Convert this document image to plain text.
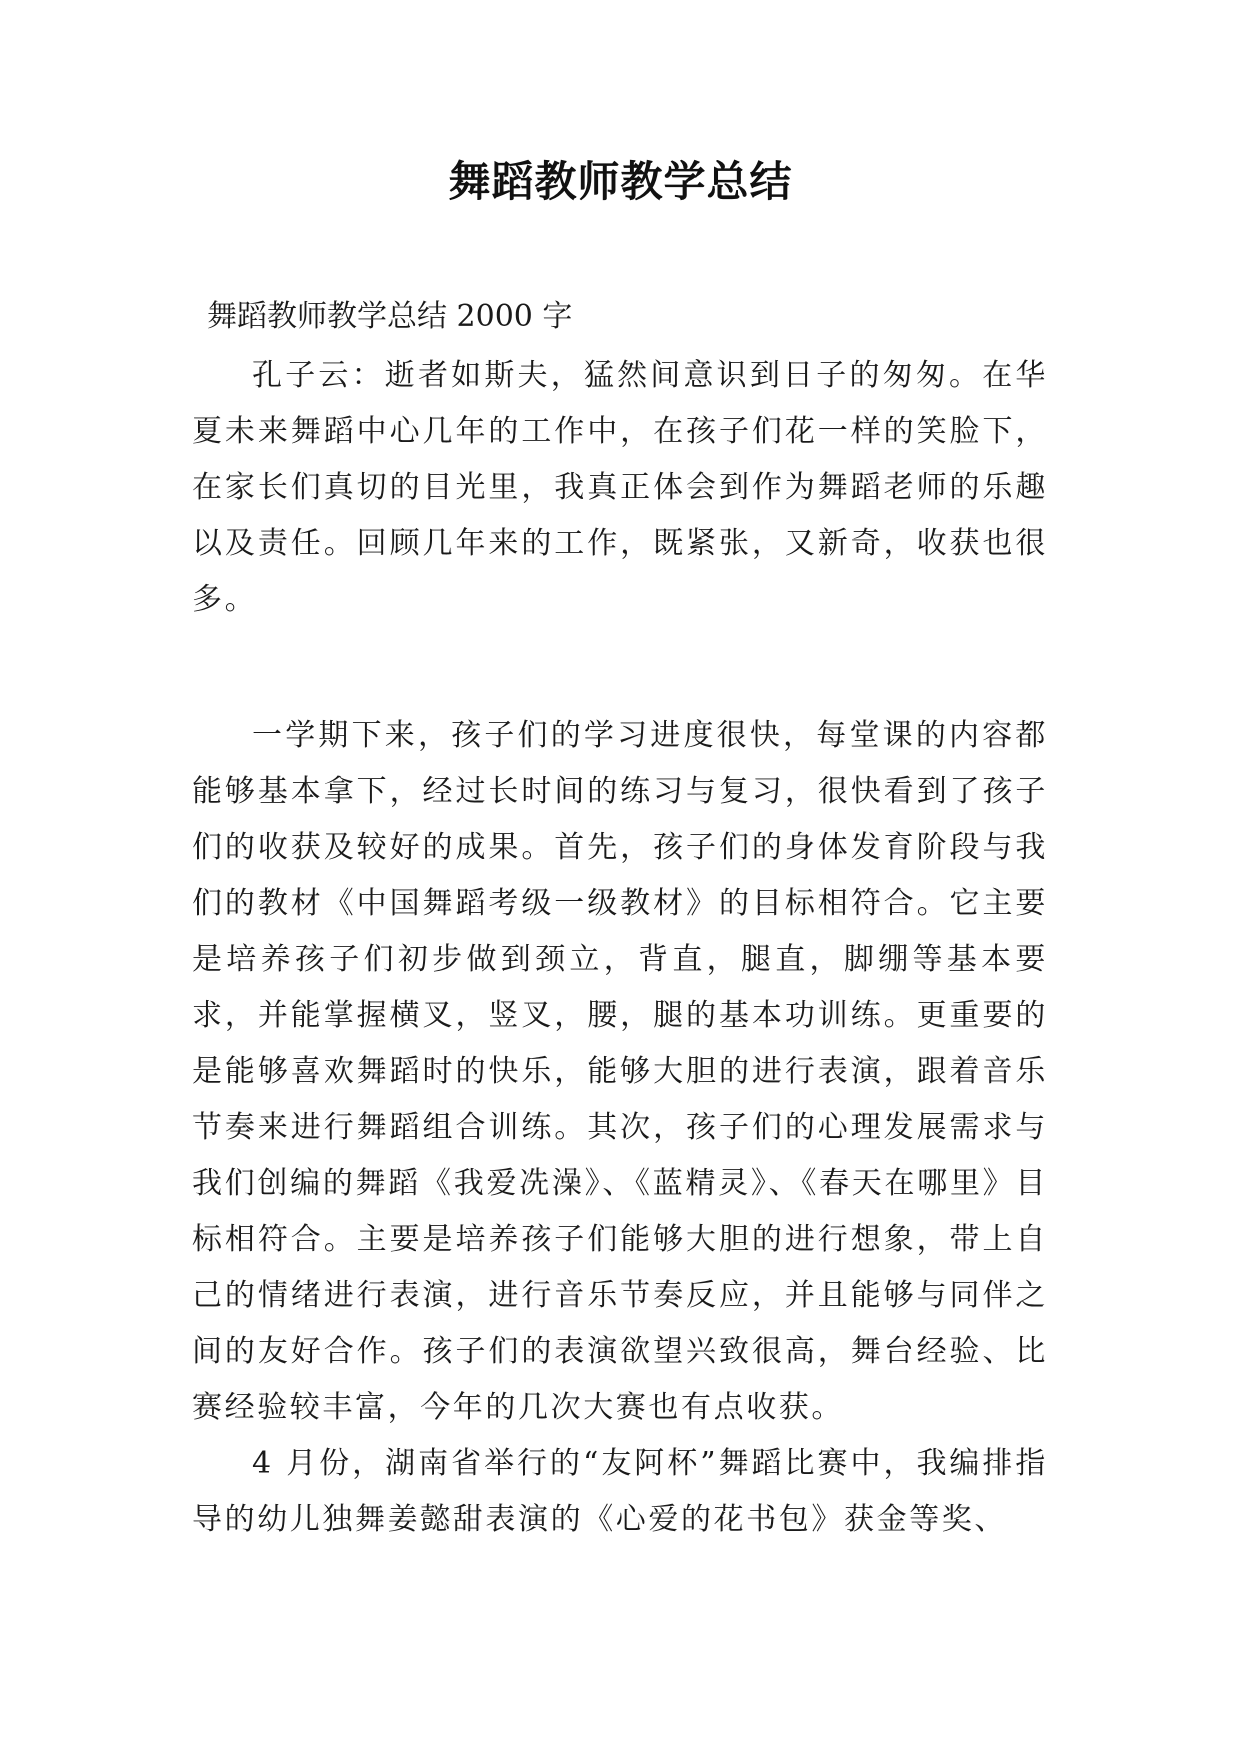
舞蹈教师教学总结
舞蹈教师教学总结 2000 字

孔子云：逝者如斯夫，猛然间意识到日子的匆匆。在华夏未来舞蹈中心几年的工作中，在孩子们花一样的笑脸下，在家长们真切的目光里，我真正体会到作为舞蹈老师的乐趣以及责任。回顾几年来的工作，既紧张，又新奇，收获也很多。

一学期下来，孩子们的学习进度很快，每堂课的内容都能够基本拿下，经过长时间的练习与复习，很快看到了孩子们的收获及较好的成果。首先，孩子们的身体发育阶段与我们的教材《中国舞蹈考级一级教材》的目标相符合。它主要是培养孩子们初步做到颈立，背直，腿直，脚绷等基本要求，并能掌握横叉，竖叉，腰，腿的基本功训练。更重要的是能够喜欢舞蹈时的快乐，能够大胆的进行表演，跟着音乐节奏来进行舞蹈组合训练。其次，孩子们的心理发展需求与我们创编的舞蹈《我爱冼澡》、《蓝精灵》、《春天在哪里》目标相符合。主要是培养孩子们能够大胆的进行想象，带上自己的情绪进行表演，进行音乐节奏反应，并且能够与同伴之间的友好合作。孩子们的表演欲望兴致很高，舞台经验、比赛经验较丰富，今年的几次大赛也有点收获。

4 月份，湖南省举行的“友阿杯”舞蹈比赛中，我编排指导的幼儿独舞姜懿甜表演的《心爱的花书包》获金等奖、
